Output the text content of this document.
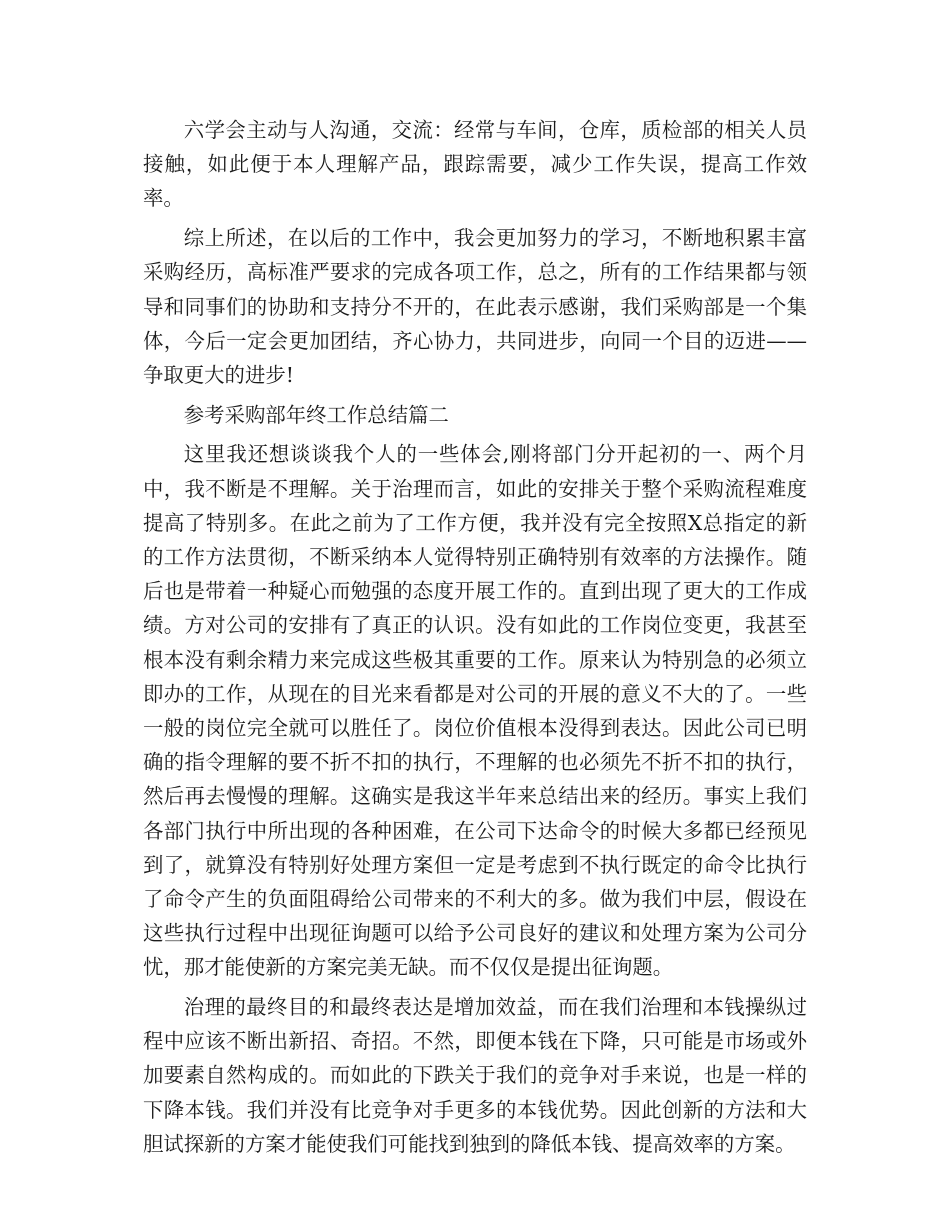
六学会主动与人沟通，交流：经常与车间，仓库，质检部的相关人员接触，如此便于本人理解产品，跟踪需要，减少工作失误，提高工作效率。

综上所述，在以后的工作中，我会更加努力的学习，不断地积累丰富采购经历，高标准严要求的完成各项工作，总之，所有的工作结果都与领导和同事们的协助和支持分不开的，在此表示感谢，我们采购部是一个集体，今后一定会更加团结，齐心协力，共同进步，向同一个目的迈进——争取更大的进步!

参考采购部年终工作总结篇二

这里我还想谈谈我个人的一些体会,刚将部门分开起初的一、两个月中，我不断是不理解。关于治理而言，如此的安排关于整个采购流程难度提高了特别多。在此之前为了工作方便，我并没有完全按照X总指定的新的工作方法贯彻，不断采纳本人觉得特别正确特别有效率的方法操作。随后也是带着一种疑心而勉强的态度开展工作的。直到出现了更大的工作成绩。方对公司的安排有了真正的认识。没有如此的工作岗位变更，我甚至根本没有剩余精力来完成这些极其重要的工作。原来认为特别急的必须立即办的工作，从现在的目光来看都是对公司的开展的意义不大的了。一些一般的岗位完全就可以胜任了。岗位价值根本没得到表达。因此公司已明确的指令理解的要不折不扣的执行，不理解的也必须先不折不扣的执行，然后再去慢慢的理解。这确实是我这半年来总结出来的经历。事实上我们各部门执行中所出现的各种困难，在公司下达命令的时候大多都已经预见到了，就算没有特别好处理方案但一定是考虑到不执行既定的命令比执行了命令产生的负面阻碍给公司带来的不利大的多。做为我们中层，假设在这些执行过程中出现征询题可以给予公司良好的建议和处理方案为公司分忧，那才能使新的方案完美无缺。而不仅仅是提出征询题。

治理的最终目的和最终表达是增加效益，而在我们治理和本钱操纵过程中应该不断出新招、奇招。不然，即便本钱在下降，只可能是市场或外加要素自然构成的。而如此的下跌关于我们的竞争对手来说，也是一样的下降本钱。我们并没有比竞争对手更多的本钱优势。因此创新的方法和大胆试探新的方案才能使我们可能找到独到的降低本钱、提高效率的方案。
